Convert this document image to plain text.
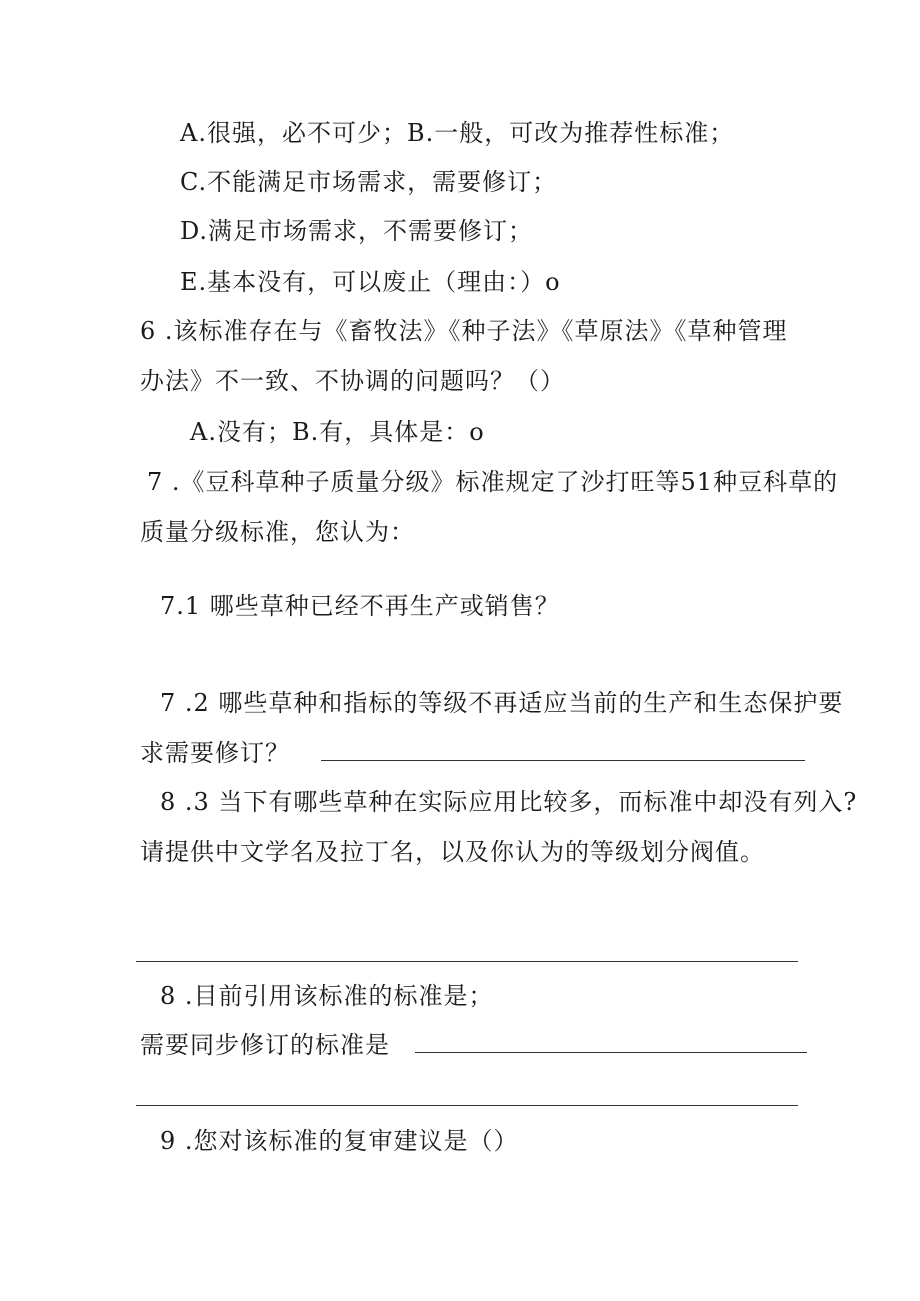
A.很强，必不可少；B.一般，可改为推荐性标准；
C.不能满足市场需求，需要修订；
D.满足市场需求，不需要修订；
E.基本没有，可以废止（理由：）o
6 .该标准存在与《畜牧法》《种子法》《草原法》《草种管理
办法》不一致、不协调的问题吗？（）
A.没有；B.有，具体是：o
7 .《豆科草种子质量分级》标准规定了沙打旺等51种豆科草的
质量分级标准，您认为：
7.1 哪些草种已经不再生产或销售？
7 .2 哪些草种和指标的等级不再适应当前的生产和生态保护要
求需要修订？
8 .3 当下有哪些草种在实际应用比较多，而标准中却没有列入?
请提供中文学名及拉丁名，以及你认为的等级划分阀值。
8 .目前引用该标准的标准是；
需要同步修订的标准是
9 .您对该标准的复审建议是（）
